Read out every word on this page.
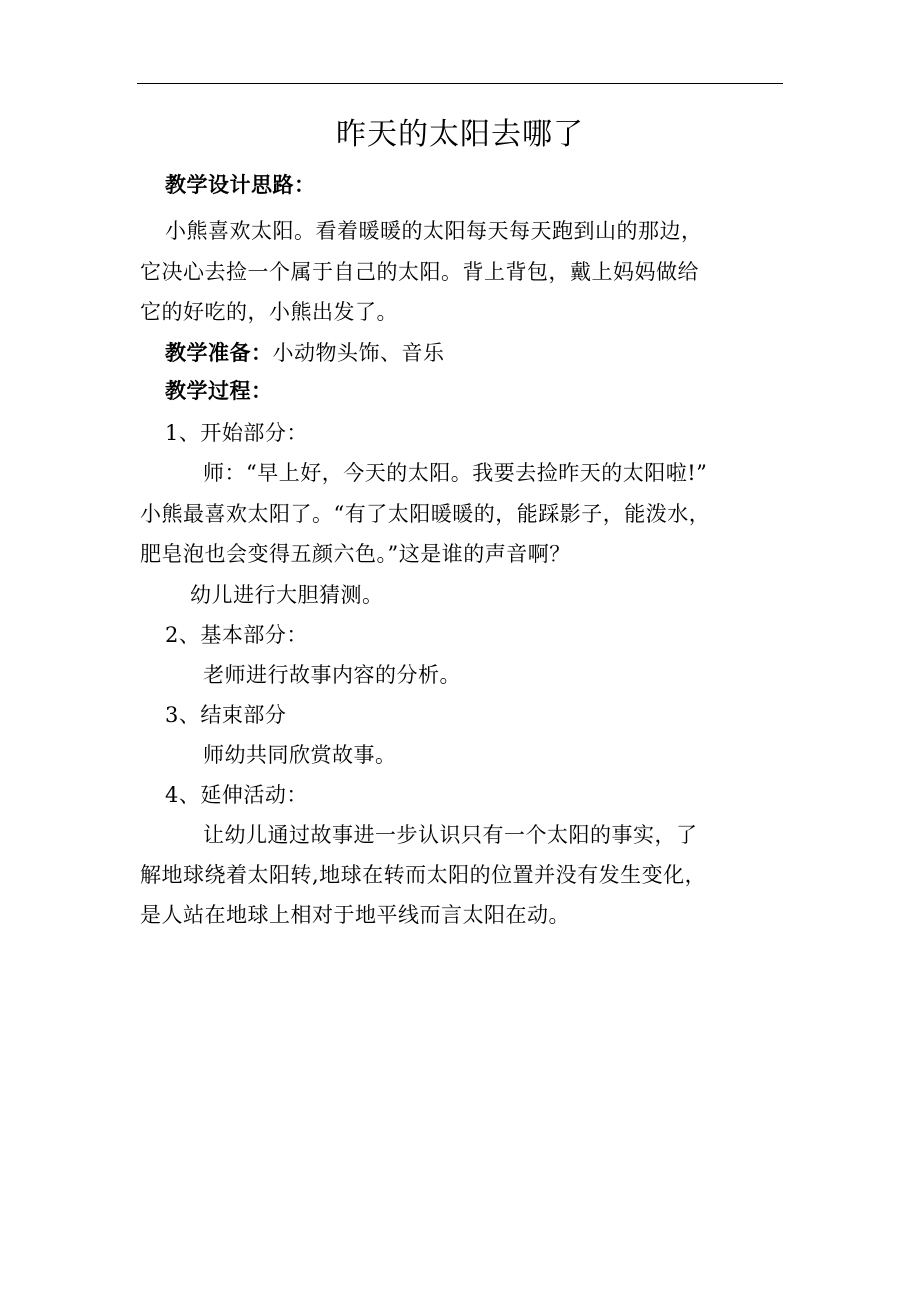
昨天的太阳去哪了
教学设计思路：
小熊喜欢太阳。看着暖暖的太阳每天每天跑到山的那边，
它决心去捡一个属于自己的太阳。背上背包，戴上妈妈做给
它的好吃的，小熊出发了。
教学准备：小动物头饰、音乐
教学过程：
1、开始部分：
师：“早上好，今天的太阳。我要去捡昨天的太阳啦!”
小熊最喜欢太阳了。“有了太阳暖暖的，能踩影子，能泼水，
肥皂泡也会变得五颜六色。”这是谁的声音啊？
幼儿进行大胆猜测。
2、基本部分：
老师进行故事内容的分析。
3、结束部分
师幼共同欣赏故事。
4、延伸活动：
让幼儿通过故事进一步认识只有一个太阳的事实，了
解地球绕着太阳转,地球在转而太阳的位置并没有发生变化，
是人站在地球上相对于地平线而言太阳在动。
